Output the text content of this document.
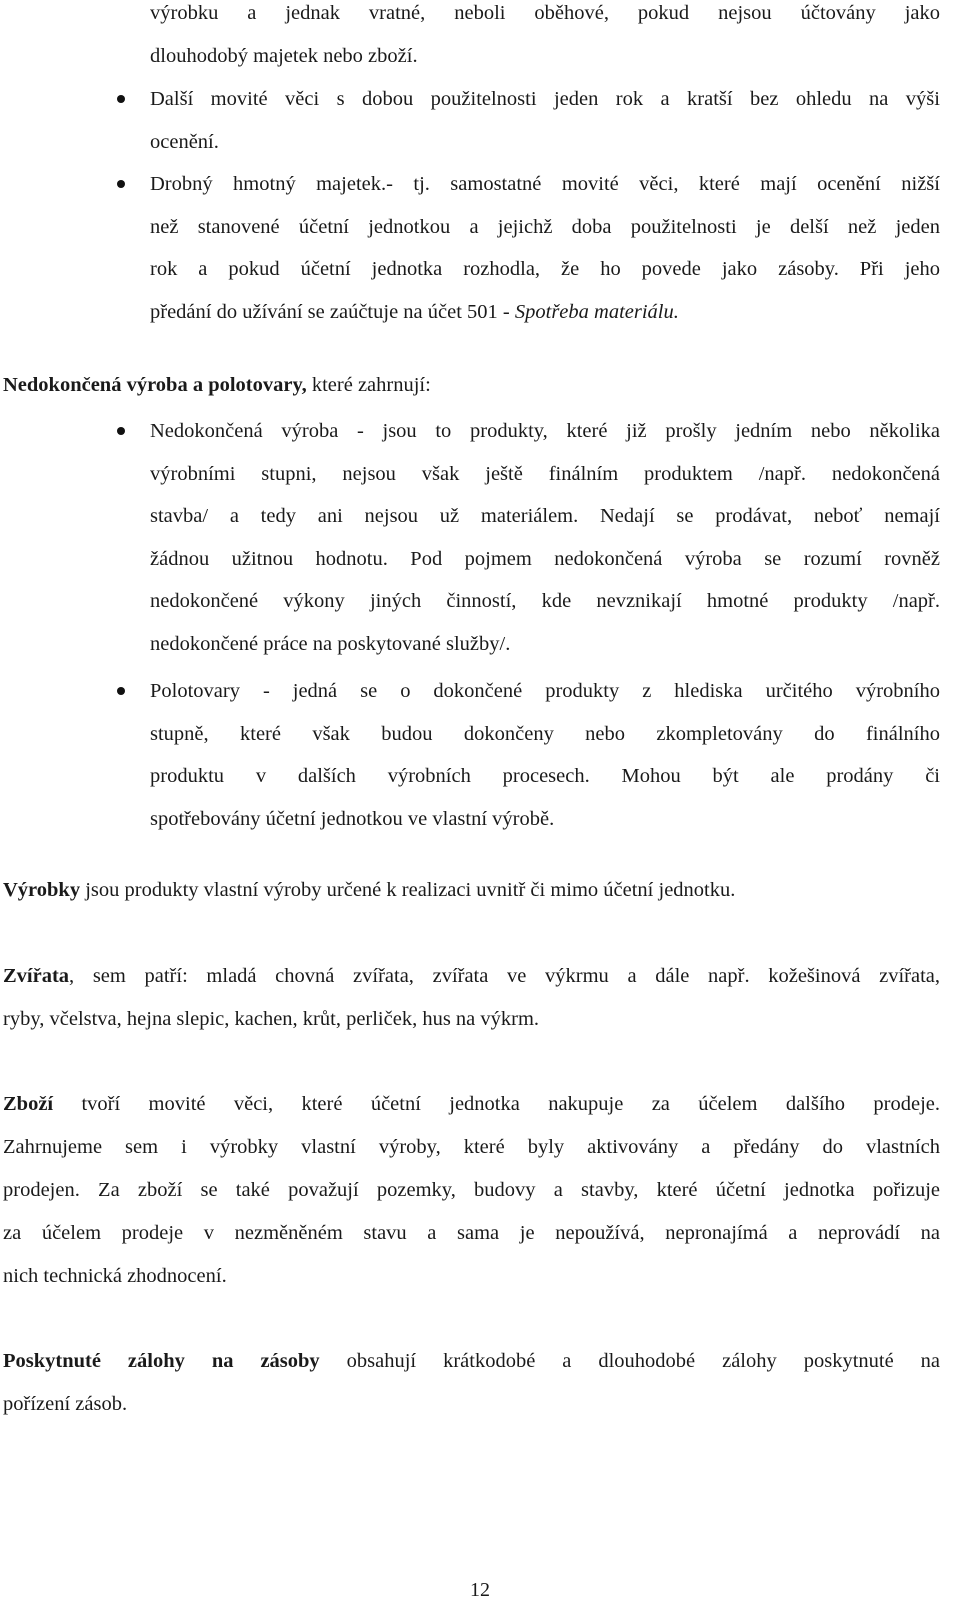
výrobku a jednak vratné, neboli oběhové, pokud nejsou účtovány jako
dlouhodobý majetek nebo zboží.
Další movité věci s dobou použitelnosti jeden rok a kratší bez ohledu na výši
ocenění.
Drobný hmotný majetek.- tj. samostatné movité věci, které mají ocenění nižší
než stanovené účetní jednotkou a jejichž doba použitelnosti je delší než jeden
rok a pokud účetní jednotka rozhodla, že ho povede jako zásoby. Při jeho
předání do užívání se zaúčtuje na účet 501 - Spotřeba materiálu.
Nedokončená výroba a polotovary, které zahrnují:
Nedokončená výroba - jsou to produkty, které již prošly jedním nebo několika
výrobními stupni, nejsou však ještě finálním produktem /např. nedokončená
stavba/ a tedy ani nejsou už materiálem. Nedají se prodávat, neboť nemají
žádnou užitnou hodnotu. Pod pojmem nedokončená výroba se rozumí rovněž
nedokončené výkony jiných činností, kde nevznikají hmotné produkty /např.
nedokončené práce na poskytované služby/.
Polotovary - jedná se o dokončené produkty z hlediska určitého výrobního
stupně, které však budou dokončeny nebo zkompletovány do finálního
produktu v dalších výrobních procesech. Mohou být ale prodány či
spotřebovány účetní jednotkou ve vlastní výrobě.
Výrobky jsou produkty vlastní výroby určené k realizaci uvnitř či mimo účetní jednotku.
Zvířata, sem patří: mladá chovná zvířata, zvířata ve výkrmu a dále např. kožešinová zvířata,
ryby, včelstva, hejna slepic, kachen, krůt, perliček, hus na výkrm.
Zboží tvoří movité věci, které účetní jednotka nakupuje za účelem dalšího prodeje.
Zahrnujeme sem i výrobky vlastní výroby, které byly aktivovány a předány do vlastních
prodejen. Za zboží se také považují pozemky, budovy a stavby, které účetní jednotka pořizuje
za účelem prodeje v nezměněném stavu a sama je nepoužívá, nepronajímá a neprovádí na
nich technická zhodnocení.
Poskytnuté zálohy na zásoby obsahují krátkodobé a dlouhodobé zálohy poskytnuté na
pořízení zásob.
12
